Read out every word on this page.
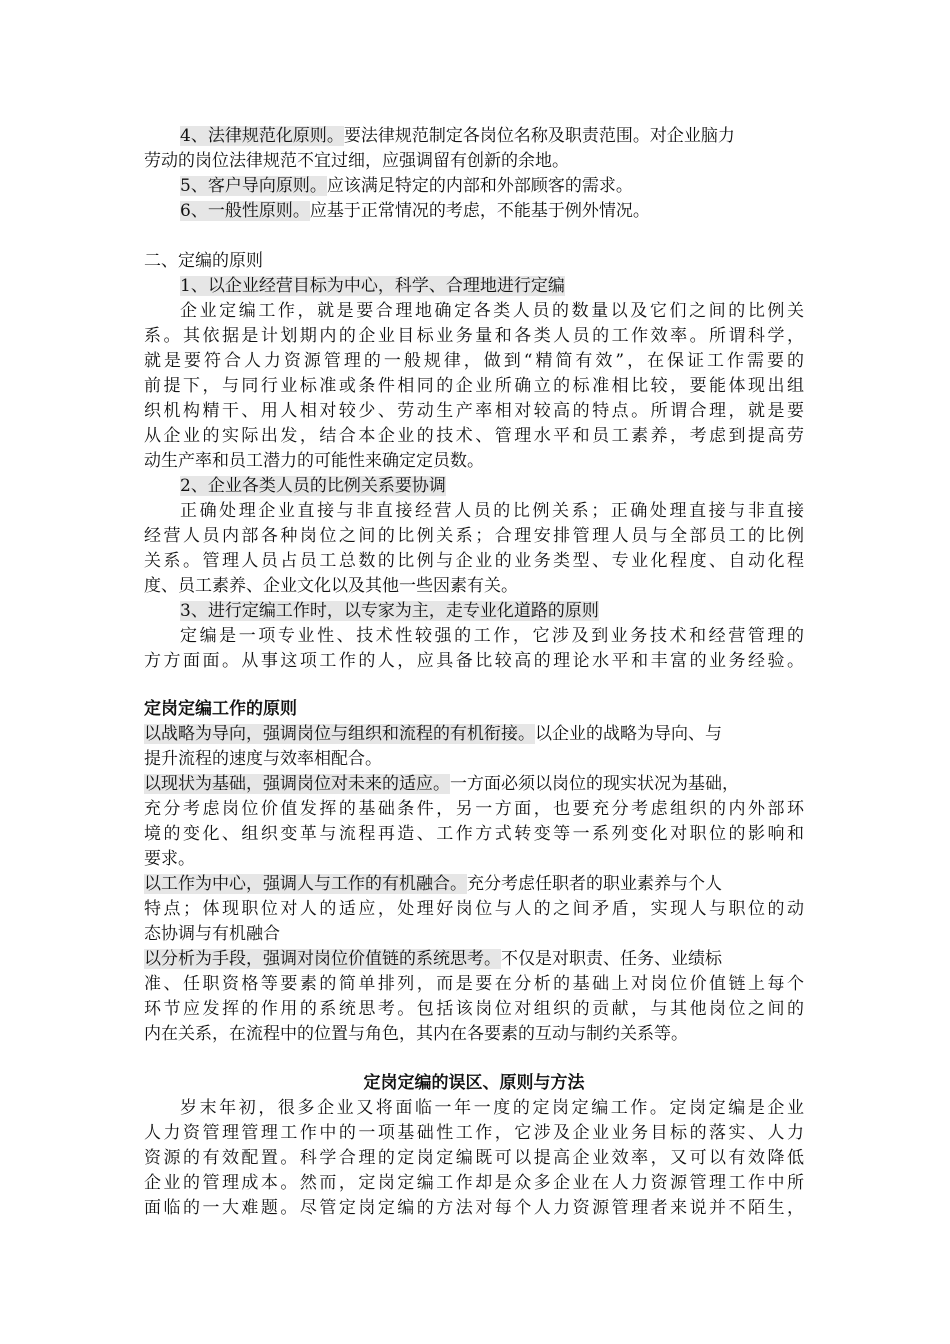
4、法律规范化原则。要法律规范制定各岗位名称及职责范围。对企业脑力
劳动的岗位法律规范不宜过细，应强调留有创新的余地。
5、客户导向原则。应该满足特定的内部和外部顾客的需求。
6、一般性原则。应基于正常情况的考虑，不能基于例外情况。
二、定编的原则
1、以企业经营目标为中心，科学、合理地进行定编
企业定编工作，就是要合理地确定各类人员的数量以及它们之间的比例关
系。其依据是计划期内的企业目标业务量和各类人员的工作效率。所谓科学，
就是要符合人力资源管理的一般规律，做到“精简有效”，在保证工作需要的
前提下，与同行业标准或条件相同的企业所确立的标准相比较，要能体现出组
织机构精干、用人相对较少、劳动生产率相对较高的特点。所谓合理，就是要
从企业的实际出发，结合本企业的技术、管理水平和员工素养，考虑到提高劳
动生产率和员工潜力的可能性来确定定员数。
2、企业各类人员的比例关系要协调
正确处理企业直接与非直接经营人员的比例关系；正确处理直接与非直接
经营人员内部各种岗位之间的比例关系；合理安排管理人员与全部员工的比例
关系。管理人员占员工总数的比例与企业的业务类型、专业化程度、自动化程
度、员工素养、企业文化以及其他一些因素有关。
3、进行定编工作时，以专家为主，走专业化道路的原则
定编是一项专业性、技术性较强的工作，它涉及到业务技术和经营管理的
方方面面。从事这项工作的人，应具备比较高的理论水平和丰富的业务经验。
定岗定编工作的原则
以战略为导向，强调岗位与组织和流程的有机衔接。以企业的战略为导向、与
提升流程的速度与效率相配合。
以现状为基础，强调岗位对未来的适应。一方面必须以岗位的现实状况为基础，
充分考虑岗位价值发挥的基础条件，另一方面，也要充分考虑组织的内外部环
境的变化、组织变革与流程再造、工作方式转变等一系列变化对职位的影响和
要求。
以工作为中心，强调人与工作的有机融合。充分考虑任职者的职业素养与个人
特点；体现职位对人的适应，处理好岗位与人的之间矛盾，实现人与职位的动
态协调与有机融合
以分析为手段，强调对岗位价值链的系统思考。不仅是对职责、任务、业绩标
准、任职资格等要素的简单排列，而是要在分析的基础上对岗位价值链上每个
环节应发挥的作用的系统思考。包括该岗位对组织的贡献，与其他岗位之间的
内在关系，在流程中的位置与角色，其内在各要素的互动与制约关系等。
定岗定编的误区、原则与方法
岁末年初，很多企业又将面临一年一度的定岗定编工作。定岗定编是企业
人力资管理管理工作中的一项基础性工作，它涉及企业业务目标的落实、人力
资源的有效配置。科学合理的定岗定编既可以提高企业效率，又可以有效降低
企业的管理成本。然而，定岗定编工作却是众多企业在人力资源管理工作中所
面临的一大难题。尽管定岗定编的方法对每个人力资源管理者来说并不陌生，
